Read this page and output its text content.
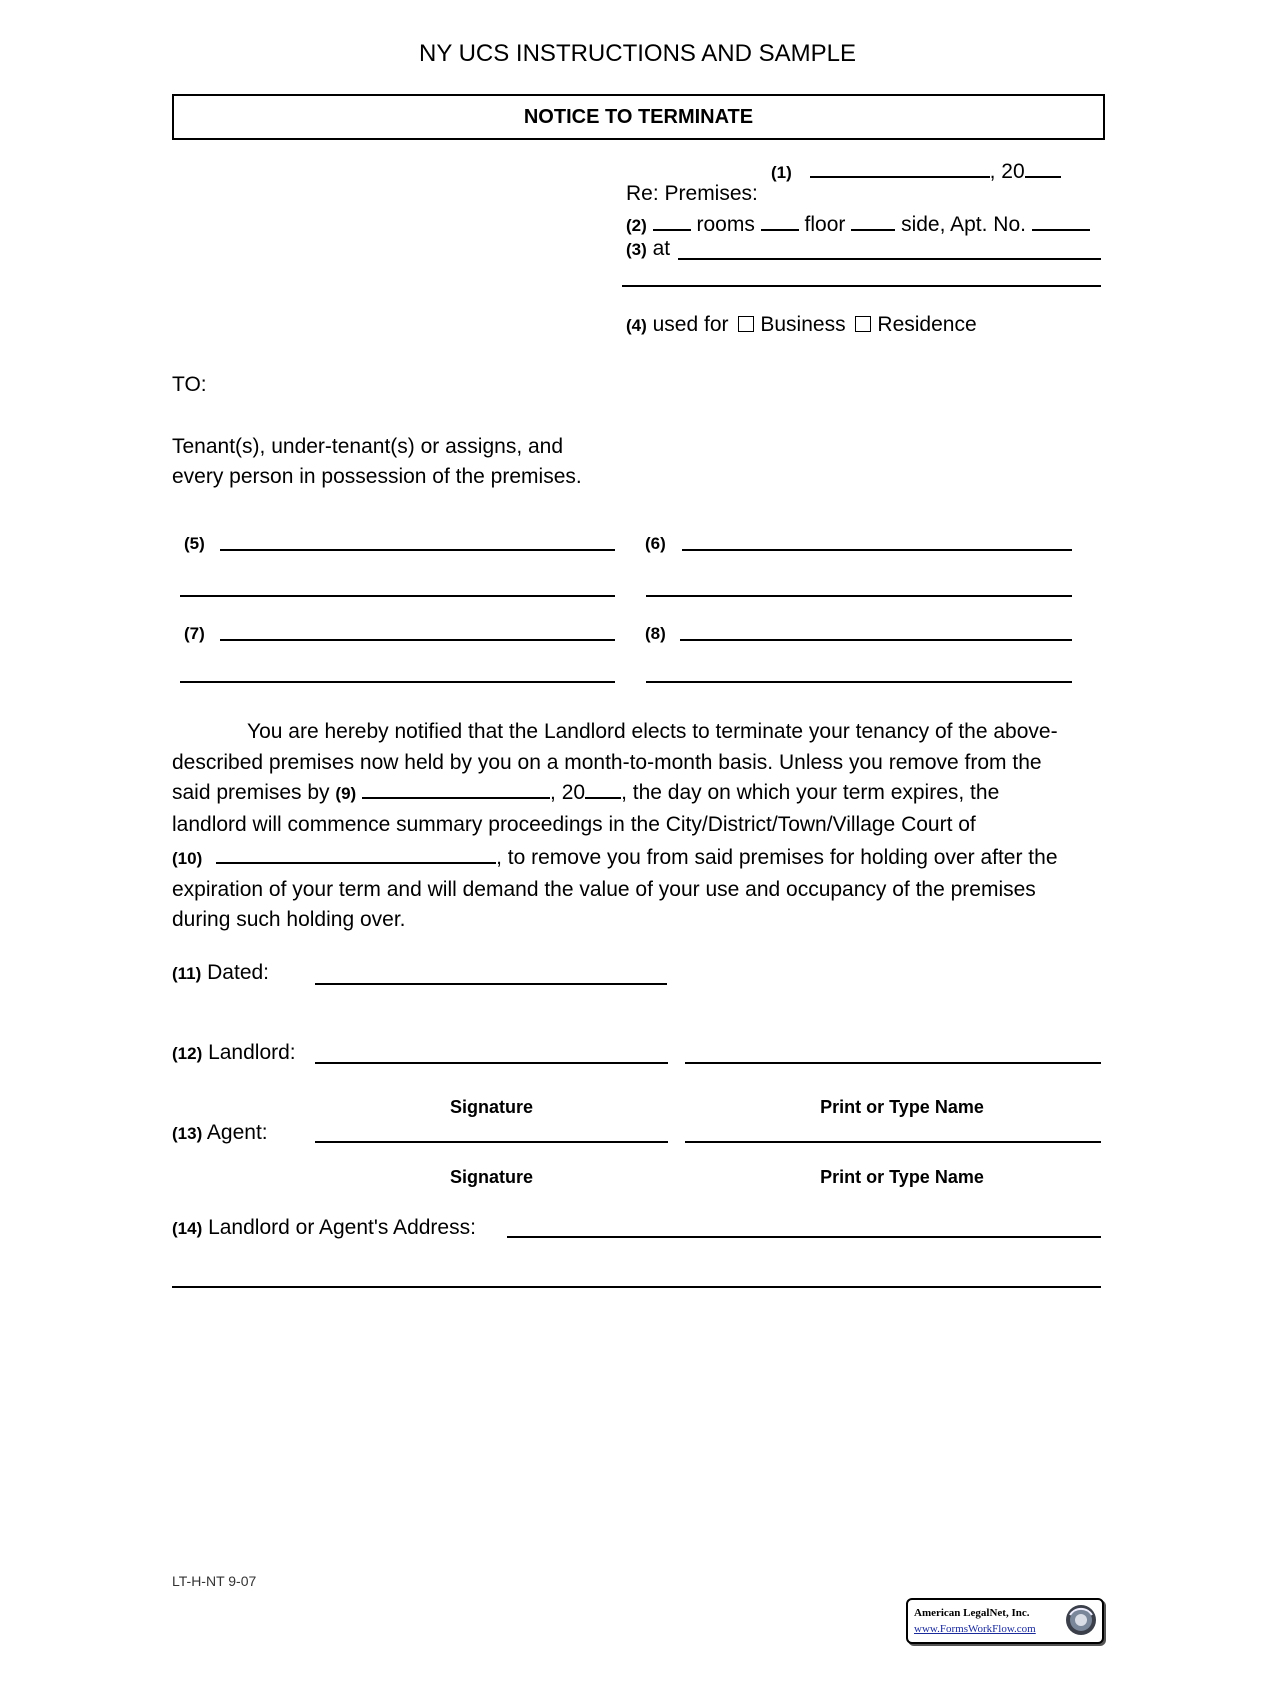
NY UCS INSTRUCTIONS AND SAMPLE
NOTICE TO TERMINATE
(1)	, 20
Re: Premises:
(2) rooms floor	side, Apt. No.
(3) at
(4) used for Business Residence
TO:
Tenant(s), under-tenant(s) or assigns, and
every person in possession of the premises.
(5)	(6)
(7)	(8)

You are hereby notified that the Landlord elects to terminate your tenancy of the above-

described premises now held by you on a month-to-month basis. Unless you remove from the

said premises by (9)	, 20 , the day on which your term expires, the

landlord will commence summary proceedings in the City/District/Town/Village Court of

(10)	, to remove you from said premises for holding over after the

expiration of your term and will demand the value of your use and occupancy of the premises

during such holding over.

(11) Dated:
(12) Landlord:
Signature	Print or Type Name
(13) Agent:
Signature	Print or Type Name
(14) Landlord or Agent's Address:
LT-H-NT 9-07
American LegalNet, Inc.
www.FormsWorkFlow.com
